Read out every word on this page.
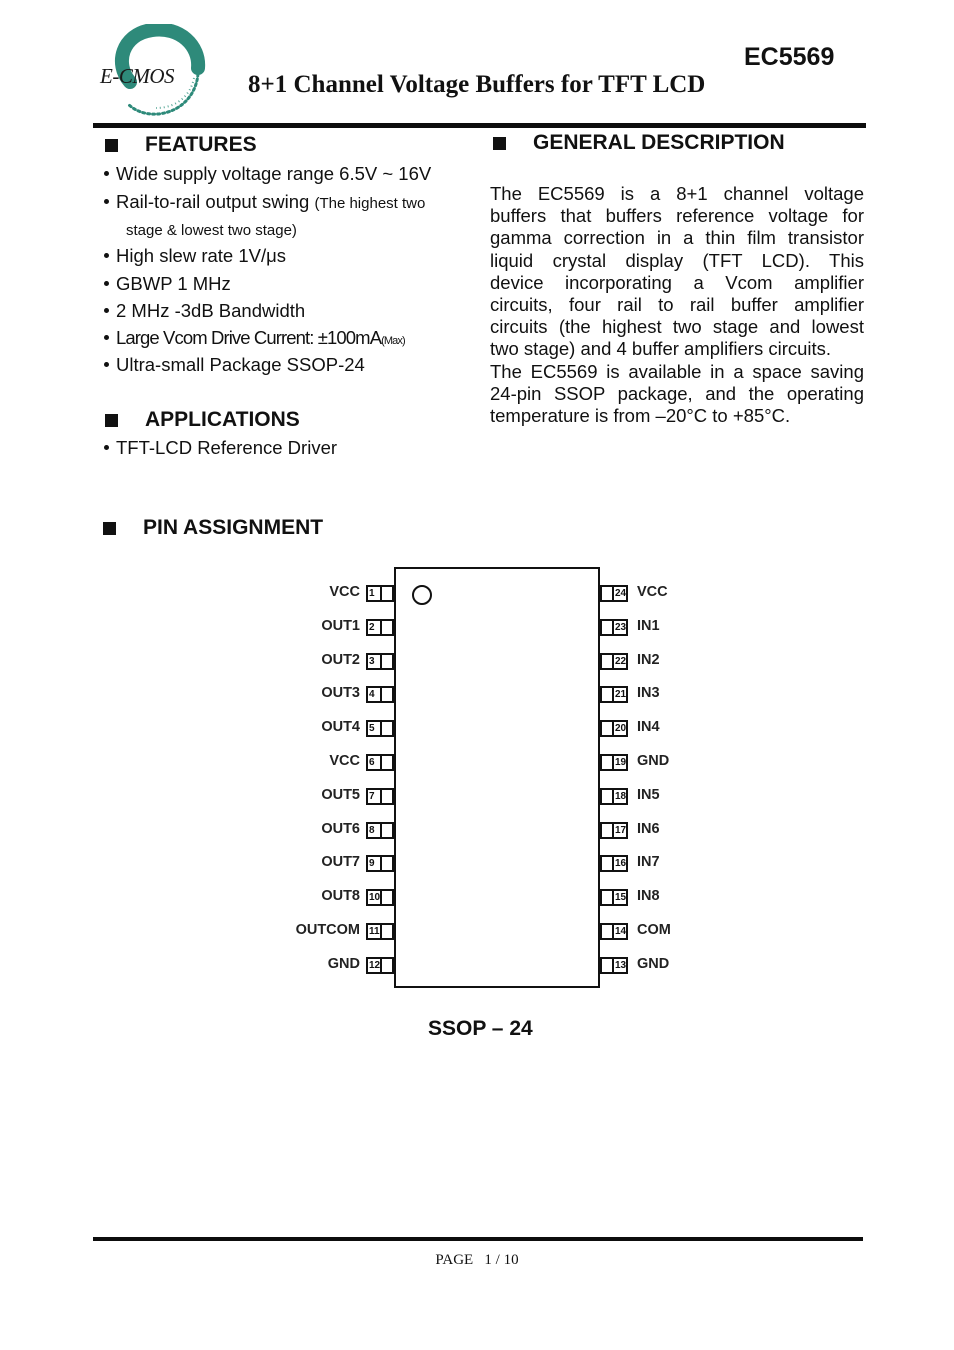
E-CMOS	8+1 Channel Voltage Buffers for TFT LCD
EC5569
FEATURES
Wide supply voltage range 6.5V ~ 16V
Rail-to-rail output swing (The highest two
stage & lowest two stage)
High slew rate 1V/μs
GBWP 1 MHz
2 MHz -3dB Bandwidth
Large Vcom Drive Current: ±100mA(Max)
Ultra-small Package SSOP-24
APPLICATIONS
TFT-LCD Reference Driver
GENERAL DESCRIPTION

The EC5569 is a 8+1 channel voltage

buffers that buffers reference voltage for

gamma correction in a thin film transistor

liquid crystal display (TFT LCD). This

device incorporating a Vcom amplifier

circuits, four rail to rail buffer amplifier

circuits (the highest two stage and lowest

two stage) and 4 buffer amplifiers circuits.

The EC5569 is available in a space saving

24-pin SSOP package, and the operating

temperature is from –20°C to +85°C.

PIN ASSIGNMENT
1
VCC
2
OUT1
3
OUT2
4
OUT3
5
OUT4
6
VCC
7
OUT5
8
OUT6
9
OUT7
10
OUT8
11
OUTCOM
12
GND
24 VCC
23 IN1
22 IN2
21 IN3
20 IN4
19 GND
18 IN5
17 IN6
16 IN7
15 IN8
14 COM
13 GND
SSOP – 24
PAGE   1 / 10
